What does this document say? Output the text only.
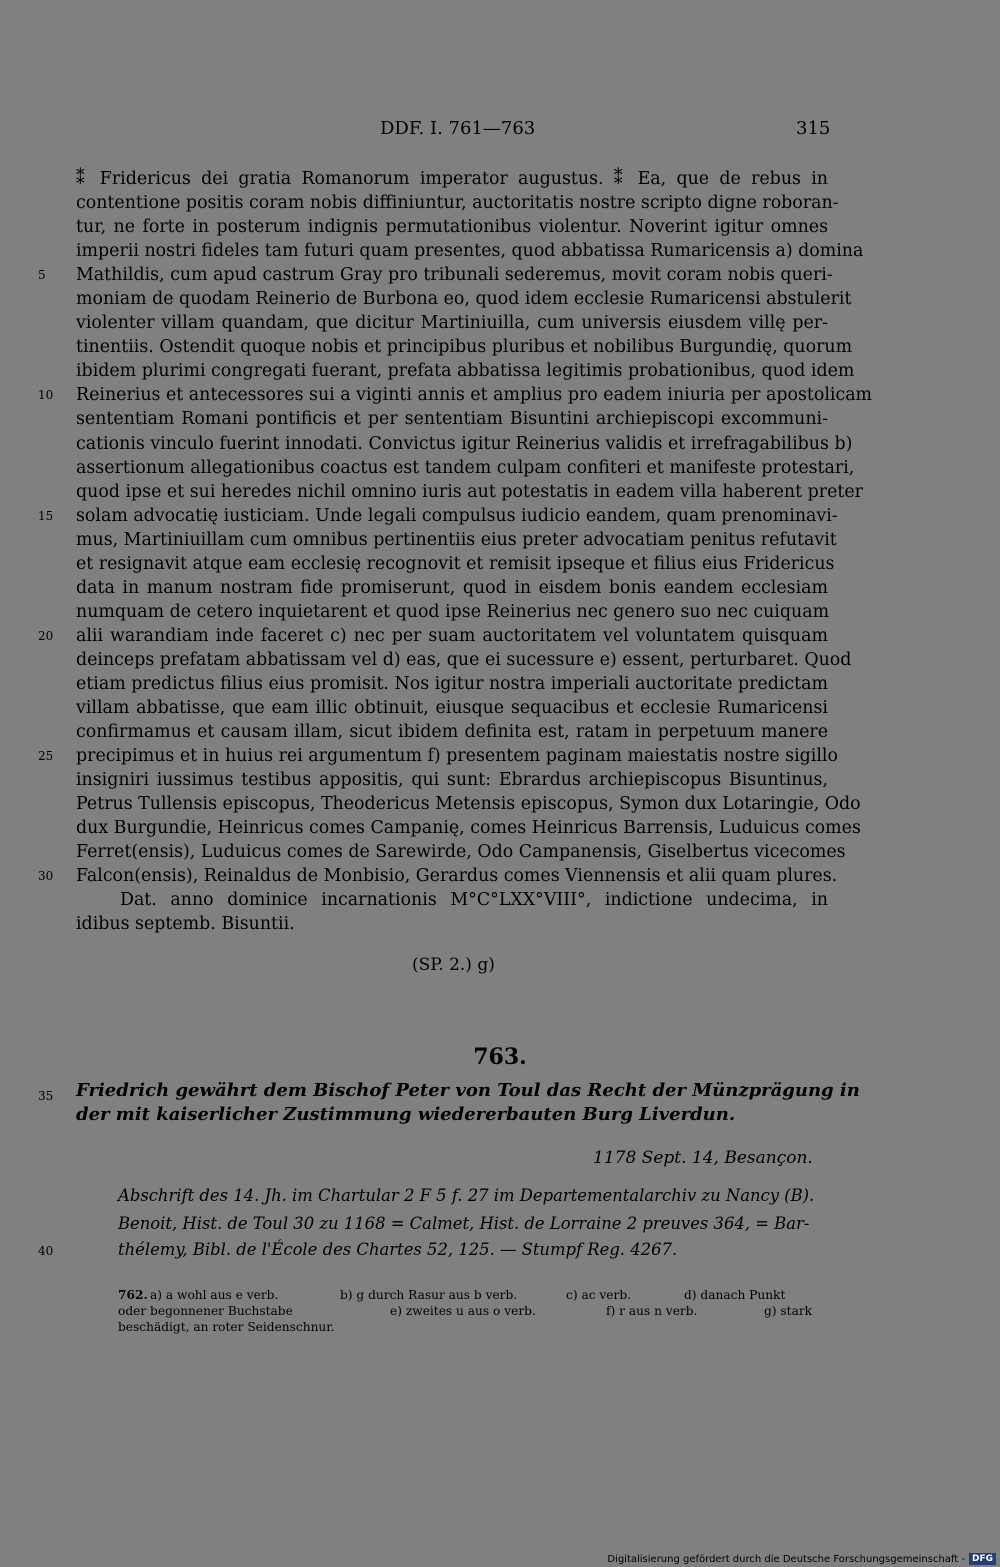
DDF. I. 761—763	315
⁑ Fridericus dei gratia Romanorum imperator augustus. ⁑ Ea, que de rebus in
contentione positis coram nobis diffiniuntur, auctoritatis nostre scripto digne roboran-
tur, ne forte in posterum indignis permutationibus violentur. Noverint igitur omnes
imperii nostri fideles tam futuri quam presentes, quod abbatissa Rumaricensis a) domina
5	Mathildis, cum apud castrum Gray pro tribunali sederemus, movit coram nobis queri-
moniam de quodam Reinerio de Burbona eo, quod idem ecclesie Rumaricensi abstulerit
violenter villam quandam, que dicitur Martiniuilla, cum universis eiusdem villę per-
tinentiis. Ostendit quoque nobis et principibus pluribus et nobilibus Burgundię, quorum
ibidem plurimi congregati fuerant, prefata abbatissa legitimis probationibus, quod idem
10	Reinerius et antecessores sui a viginti annis et amplius pro eadem iniuria per apostolicam
sententiam Romani pontificis et per sententiam Bisuntini archiepiscopi excommuni-
cationis vinculo fuerint innodati. Convictus igitur Reinerius validis et irrefragabilibus b)
assertionum allegationibus coactus est tandem culpam confiteri et manifeste protestari,
quod ipse et sui heredes nichil omnino iuris aut potestatis in eadem villa haberent preter
15	solam advocatię iusticiam. Unde legali compulsus iudicio eandem, quam prenominavi-
mus, Martiniuillam cum omnibus pertinentiis eius preter advocatiam penitus refutavit
et resignavit atque eam ecclesię recognovit et remisit ipseque et filius eius Fridericus
data in manum nostram fide promiserunt, quod in eisdem bonis eandem ecclesiam
numquam de cetero inquietarent et quod ipse Reinerius nec genero suo nec cuiquam
20	alii warandiam inde faceret c) nec per suam auctoritatem vel voluntatem quisquam
deinceps prefatam abbatissam vel d) eas, que ei sucessure e) essent, perturbaret. Quod
etiam predictus filius eius promisit. Nos igitur nostra imperiali auctoritate predictam
villam abbatisse, que eam illic obtinuit, eiusque sequacibus et ecclesie Rumaricensi
confirmamus et causam illam, sicut ibidem definita est, ratam in perpetuum manere
25	precipimus et in huius rei argumentum f) presentem paginam maiestatis nostre sigillo
insigniri iussimus testibus appositis, qui sunt: Ebrardus archiepiscopus Bisuntinus,
Petrus Tullensis episcopus, Theodericus Metensis episcopus, Symon dux Lotaringie, Odo
dux Burgundie, Heinricus comes Campanię, comes Heinricus Barrensis, Luduicus comes
Ferret(ensis), Luduicus comes de Sarewirde, Odo Campanensis, Giselbertus vicecomes
30	Falcon(ensis), Reinaldus de Monbisio, Gerardus comes Viennensis et alii quam plures.
Dat. anno dominice incarnationis M°C°LXX°VIII°, indictione undecima, in
idibus septemb. Bisuntii.
(SP. 2.) g)
763.
35 Friedrich gewährt dem Bischof Peter von Toul das Recht der Münzprägung in
der mit kaiserlicher Zustimmung wiedererbauten Burg Liverdun.
1178 Sept. 14, Besançon.
Abschrift des 14. Jh. im Chartular 2 F 5 f. 27 im Departementalarchiv zu Nancy (B).
Benoit, Hist. de Toul 30 zu 1168 = Calmet, Hist. de Lorraine 2 preuves 364, = Bar-
thélemy, Bibl. de l'École des Chartes 52, 125. — Stumpf Reg. 4267.
40
762. a) a wohl aus e verb.	b) g durch Rasur aus b verb.	c) ac verb.	d) danach Punkt
oder begonnener Buchstabe	e) zweites u aus o verb.	f) r aus n verb.	g) stark
beschädigt, an roter Seidenschnur.
Digitalisierung gefördert durch die Deutsche Forschungsgemeinschaft - DFG
